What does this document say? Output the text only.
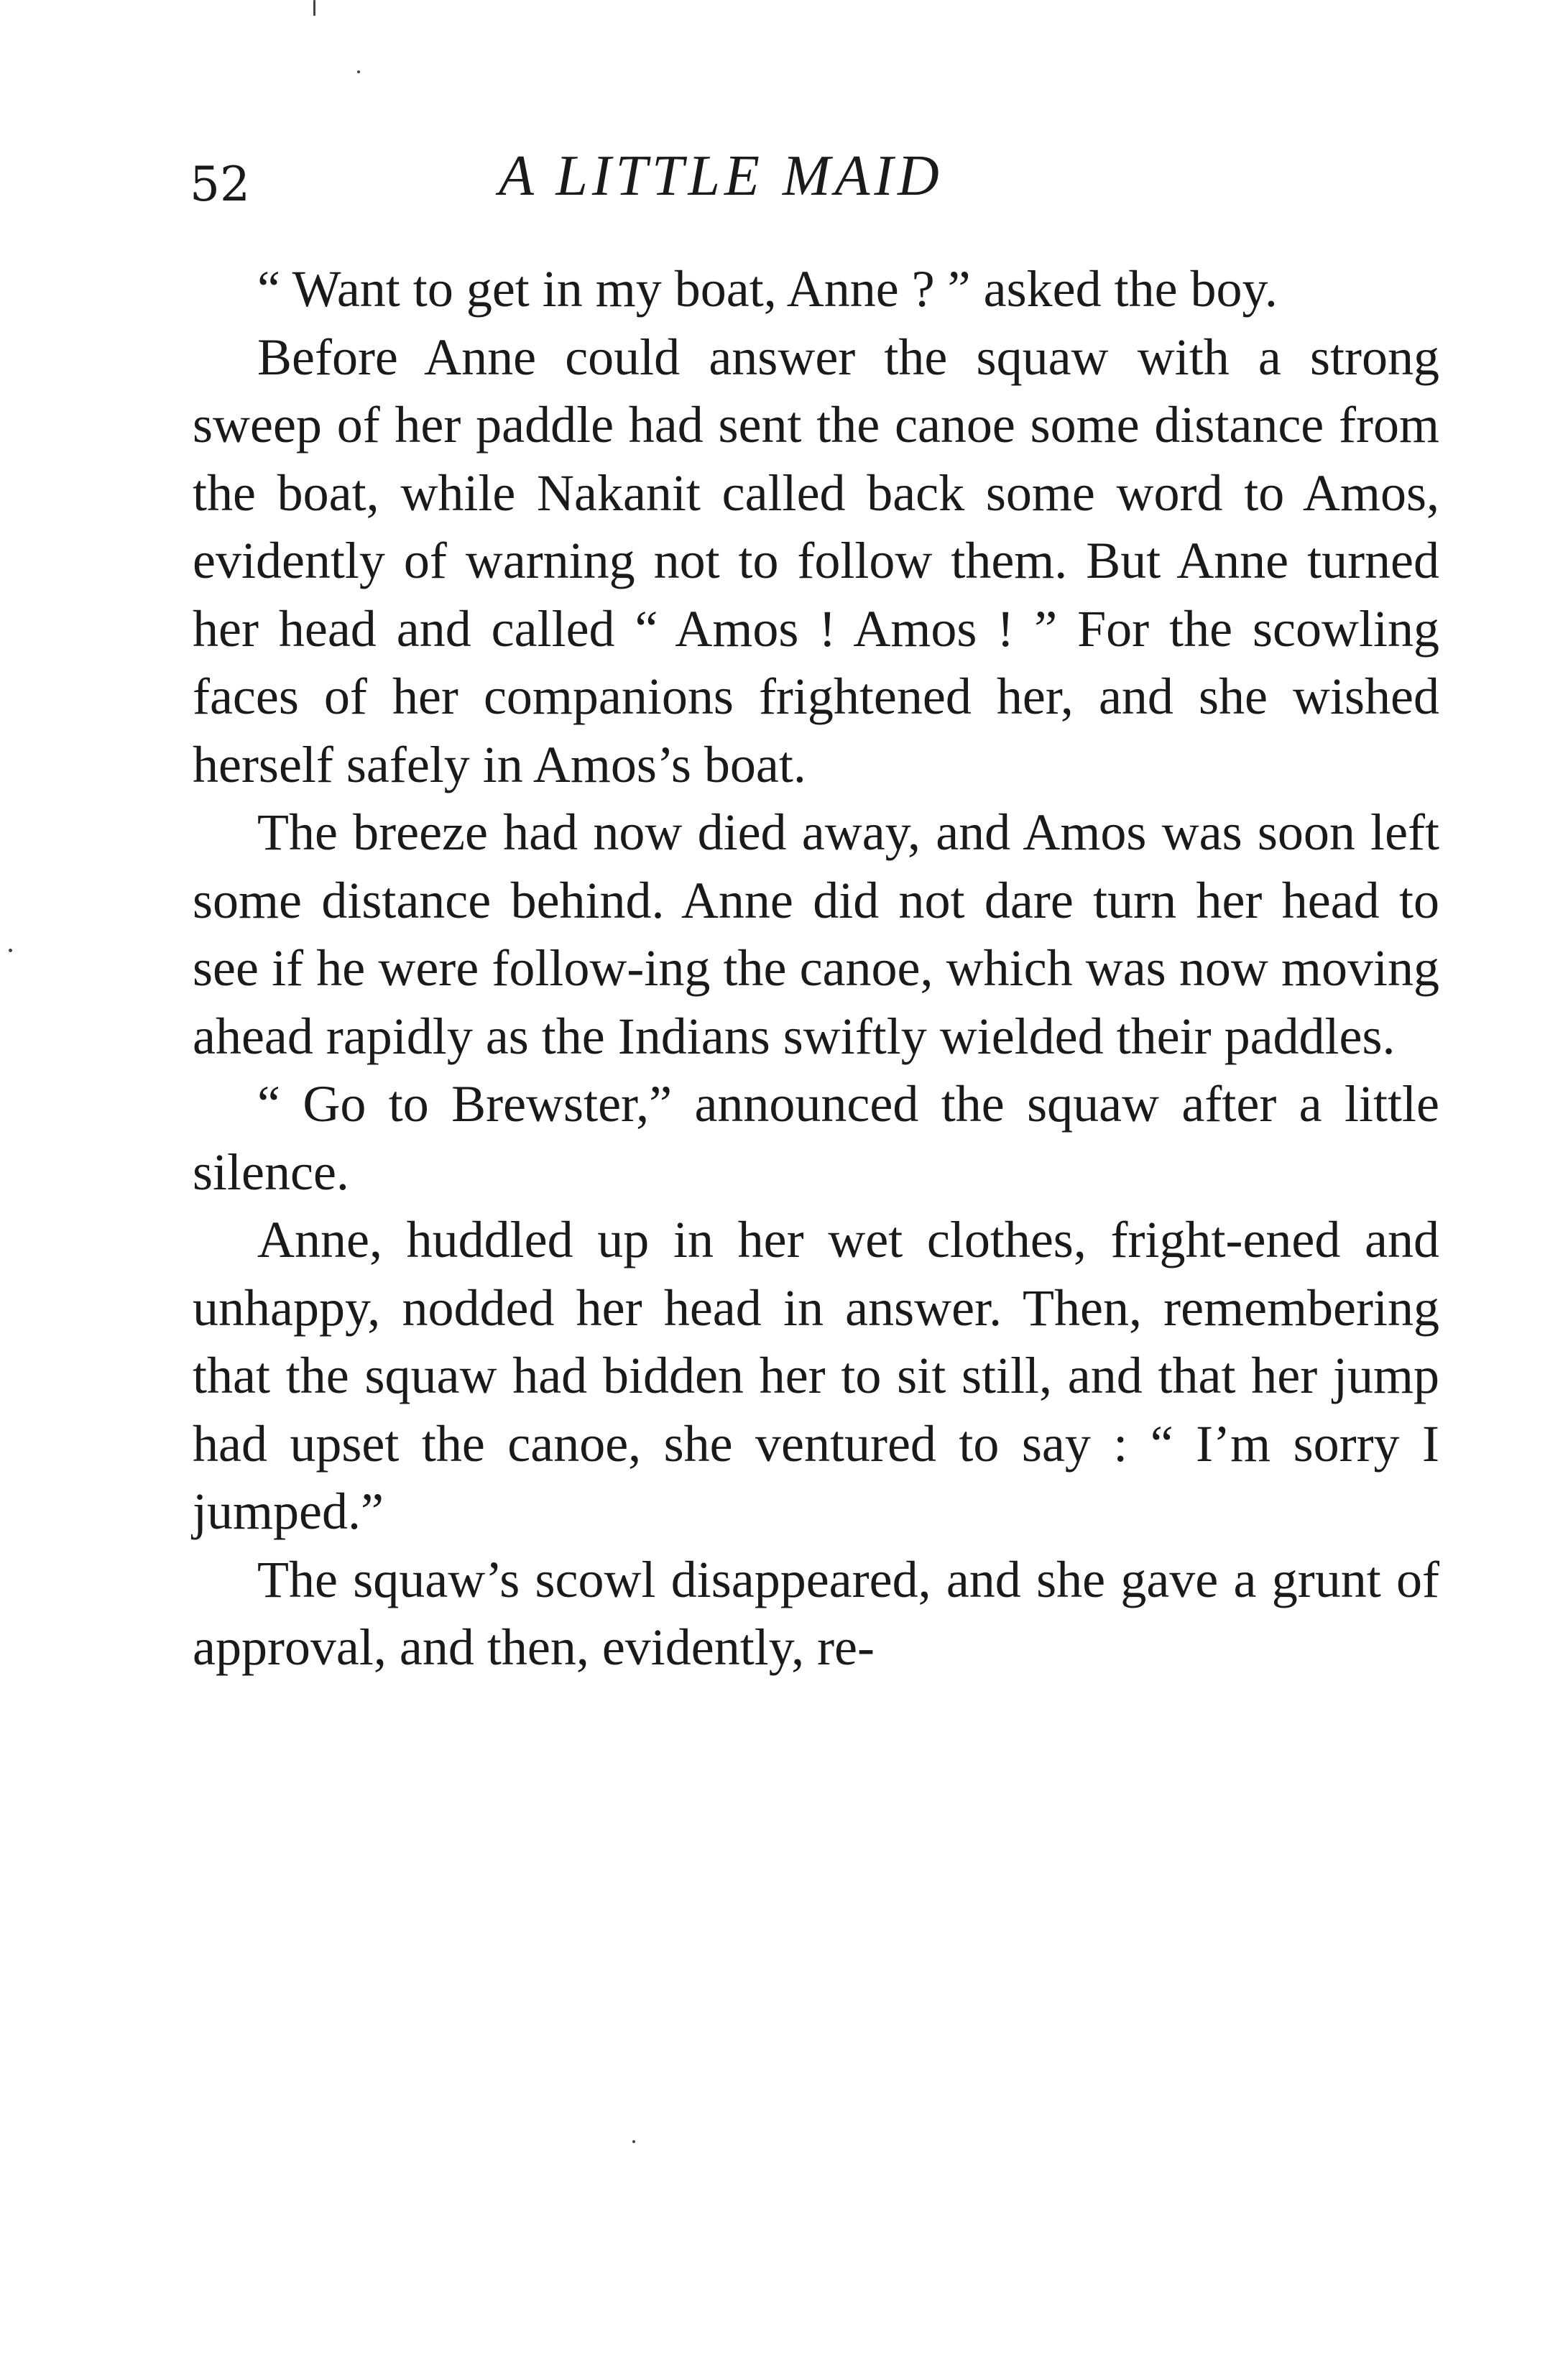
52	A LITTLE MAID

“ Want to get in my boat, Anne ? ” asked the boy.

Before Anne could answer the squaw with a strong sweep of her paddle had sent the canoe some distance from the boat, while Nakanit called back some word to Amos, evidently of warning not to follow them. But Anne turned her head and called “ Amos ! Amos ! ” For the scowling faces of her companions frightened her, and she wished herself safely in Amos’s boat.

The breeze had now died away, and Amos was soon left some distance behind. Anne did not dare turn her head to see if he were follow-ing the canoe, which was now moving ahead rapidly as the Indians swiftly wielded their paddles.

“ Go to Brewster,” announced the squaw after a little silence.

Anne, huddled up in her wet clothes, fright-ened and unhappy, nodded her head in answer. Then, remembering that the squaw had bidden her to sit still, and that her jump had upset the canoe, she ventured to say : “ I’m sorry I jumped.”

The squaw’s scowl disappeared, and she gave a grunt of approval, and then, evidently, re-
